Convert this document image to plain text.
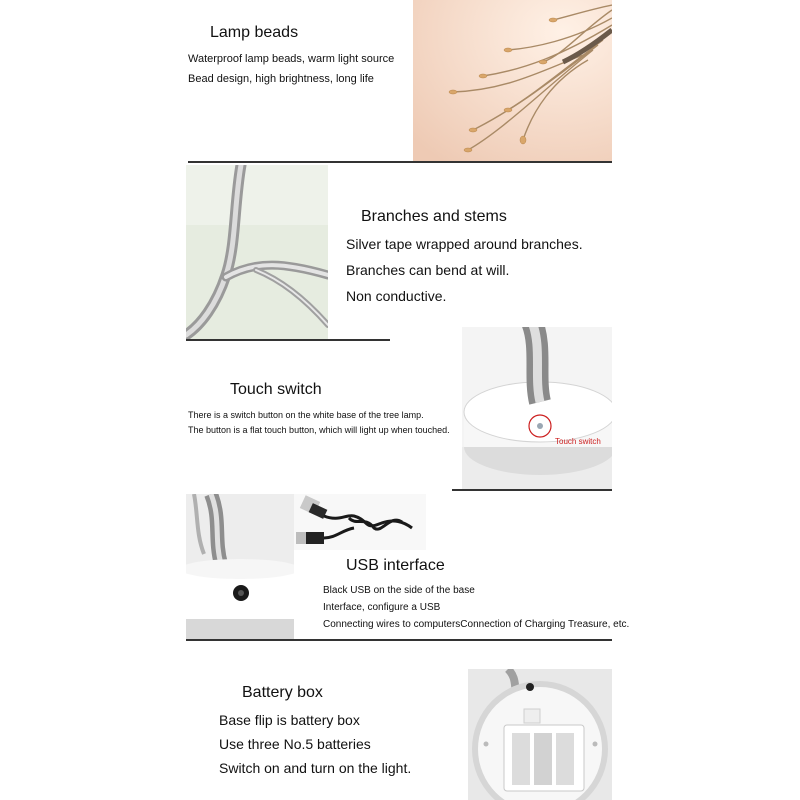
Lamp beads
Waterproof lamp beads, warm light source
Bead design, high brightness, long life
Branches and stems
Silver tape wrapped around branches.
Branches can bend at will.
Non conductive.
Touch switch
There is a switch button on the white base of the tree lamp.
The button is a flat touch button, which will light up when touched.
Touch switch
USB interface
Black USB on the side of the base
Interface, configure a USB
Connecting wires to computersConnection of Charging Treasure, etc.
Battery box
Base flip is battery box
Use three No.5 batteries
Switch on and turn on the light.
